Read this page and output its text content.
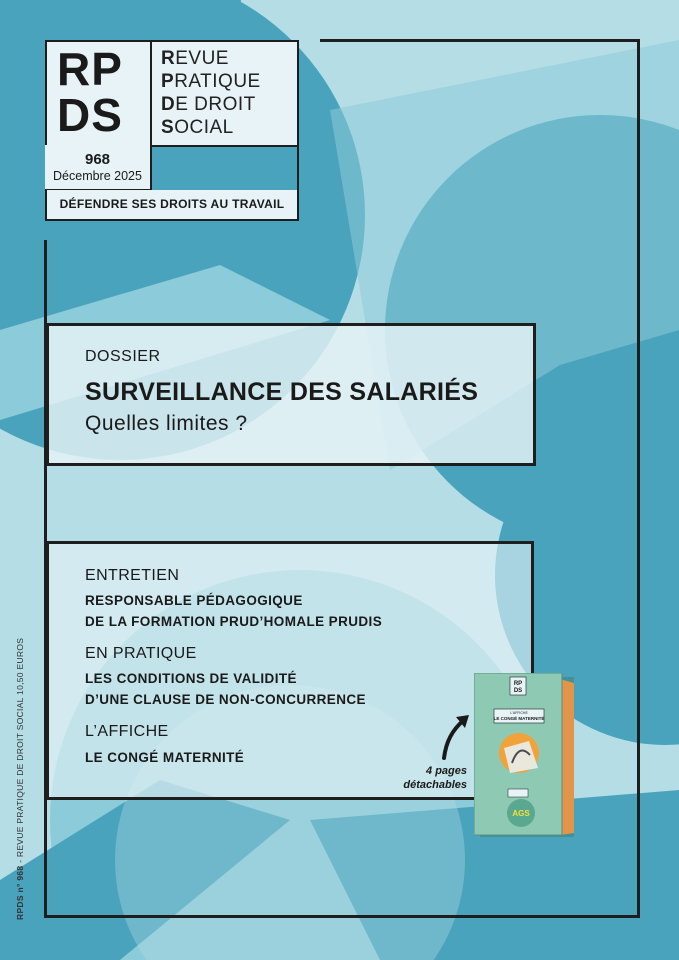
RP
DS
REVUE
PRATIQUE
DE DROIT
SOCIAL
968
Décembre 2025
DÉFENDRE SES DROITS AU TRAVAIL
DOSSIER
SURVEILLANCE DES SALARIÉS
Quelles limites ?
ENTRETIEN
RESPONSABLE PÉDAGOGIQUE
DE LA FORMATION PRUD’HOMALE PRUDIS
EN PRATIQUE
LES CONDITIONS DE VALIDITÉ
D’UNE CLAUSE DE NON-CONCURRENCE
L’AFFICHE
LE CONGÉ MATERNITÉ
4 pages
détachables
RP
DS
L'AFFICHE
LE CONGÉ MATERNITÉ
AGS
RPDS n° 968 - REVUE PRATIQUE DE DROIT SOCIAL 10,50 EUROS
